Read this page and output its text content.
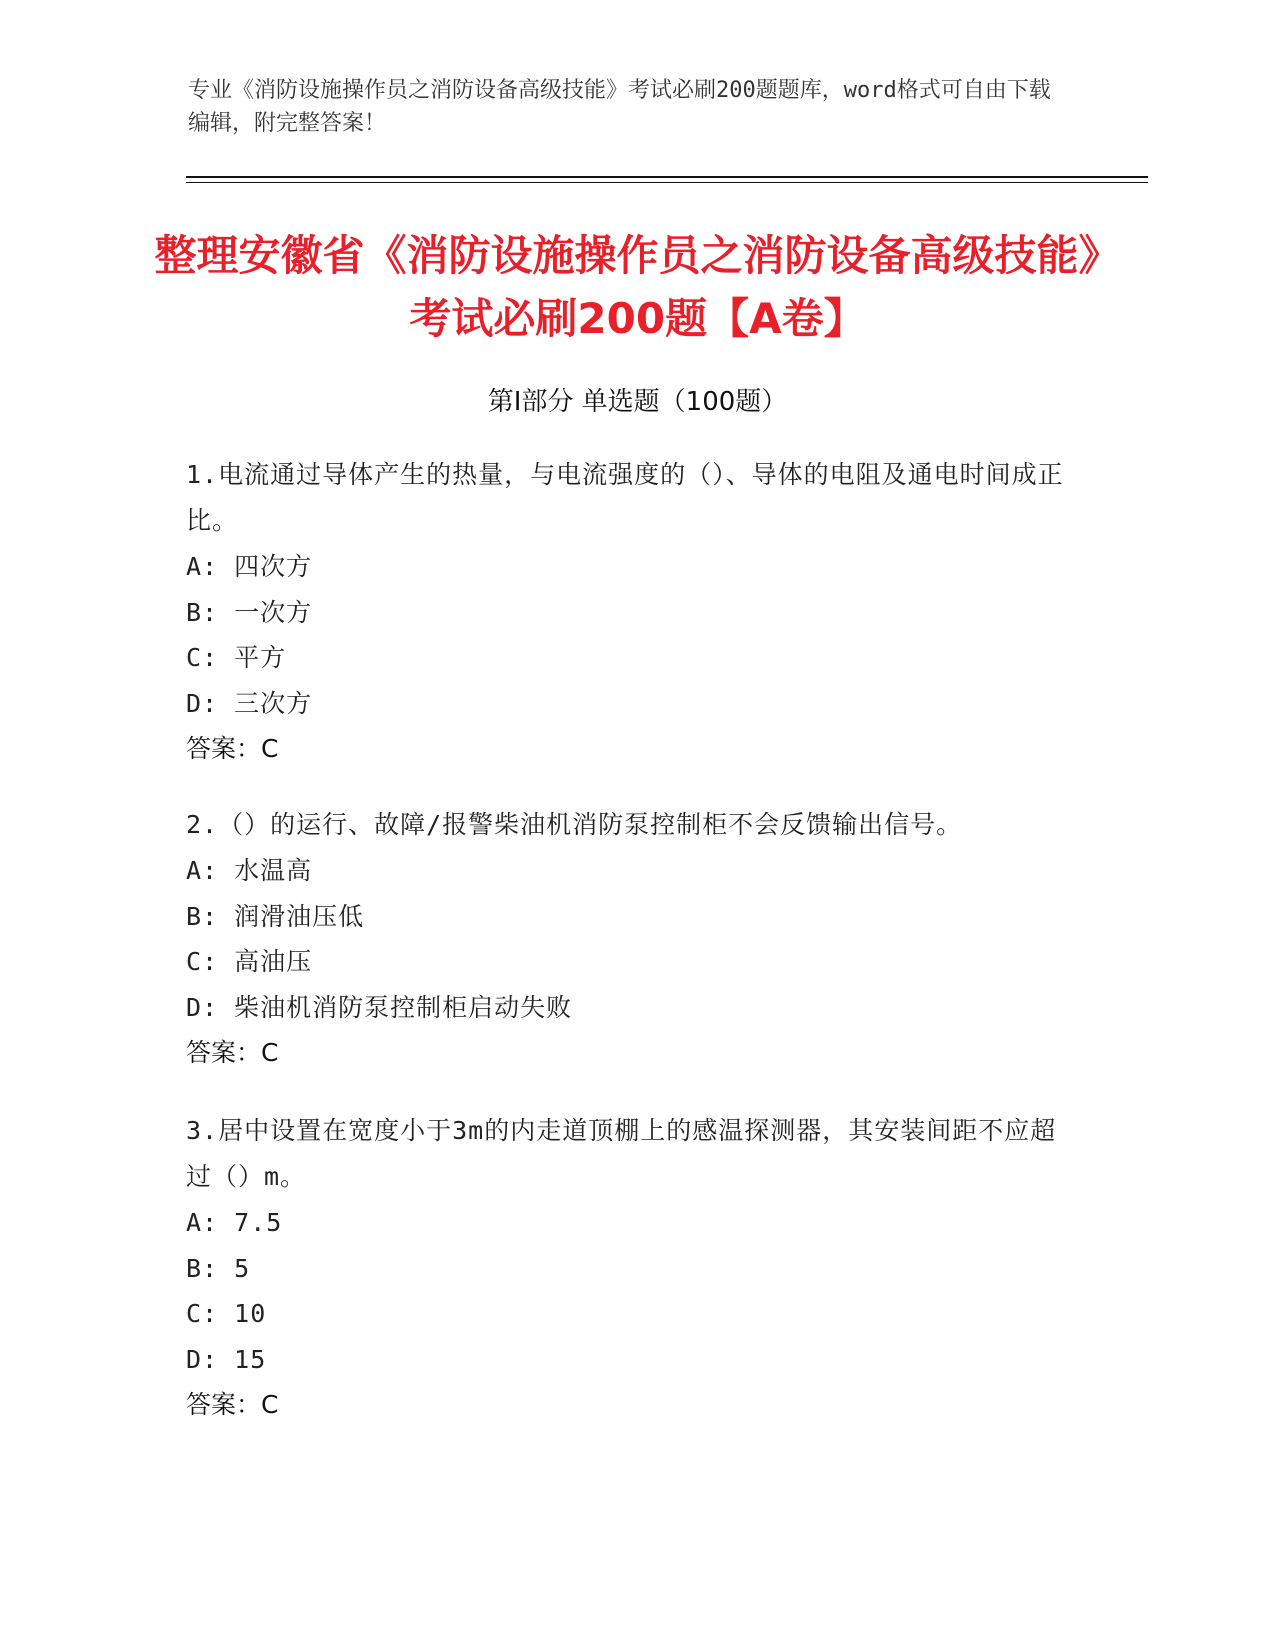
专业《消防设施操作员之消防设备高级技能》考试必刷200题题库，word格式可自由下载编辑，附完整答案！
整理安徽省《消防设施操作员之消防设备高级技能》考试必刷200题【A卷】
第Ⅰ部分 单选题（100题）
1.电流通过导体产生的热量，与电流强度的（）、导体的电阻及通电时间成正比。
A: 四次方
B: 一次方
C: 平方
D: 三次方
答案：C
2.（）的运行、故障/报警柴油机消防泵控制柜不会反馈输出信号。
A: 水温高
B: 润滑油压低
C: 高油压
D: 柴油机消防泵控制柜启动失败
答案：C
3.居中设置在宽度小于3m的内走道顶棚上的感温探测器，其安装间距不应超过（）m。
A: 7.5
B: 5
C: 10
D: 15
答案：C
